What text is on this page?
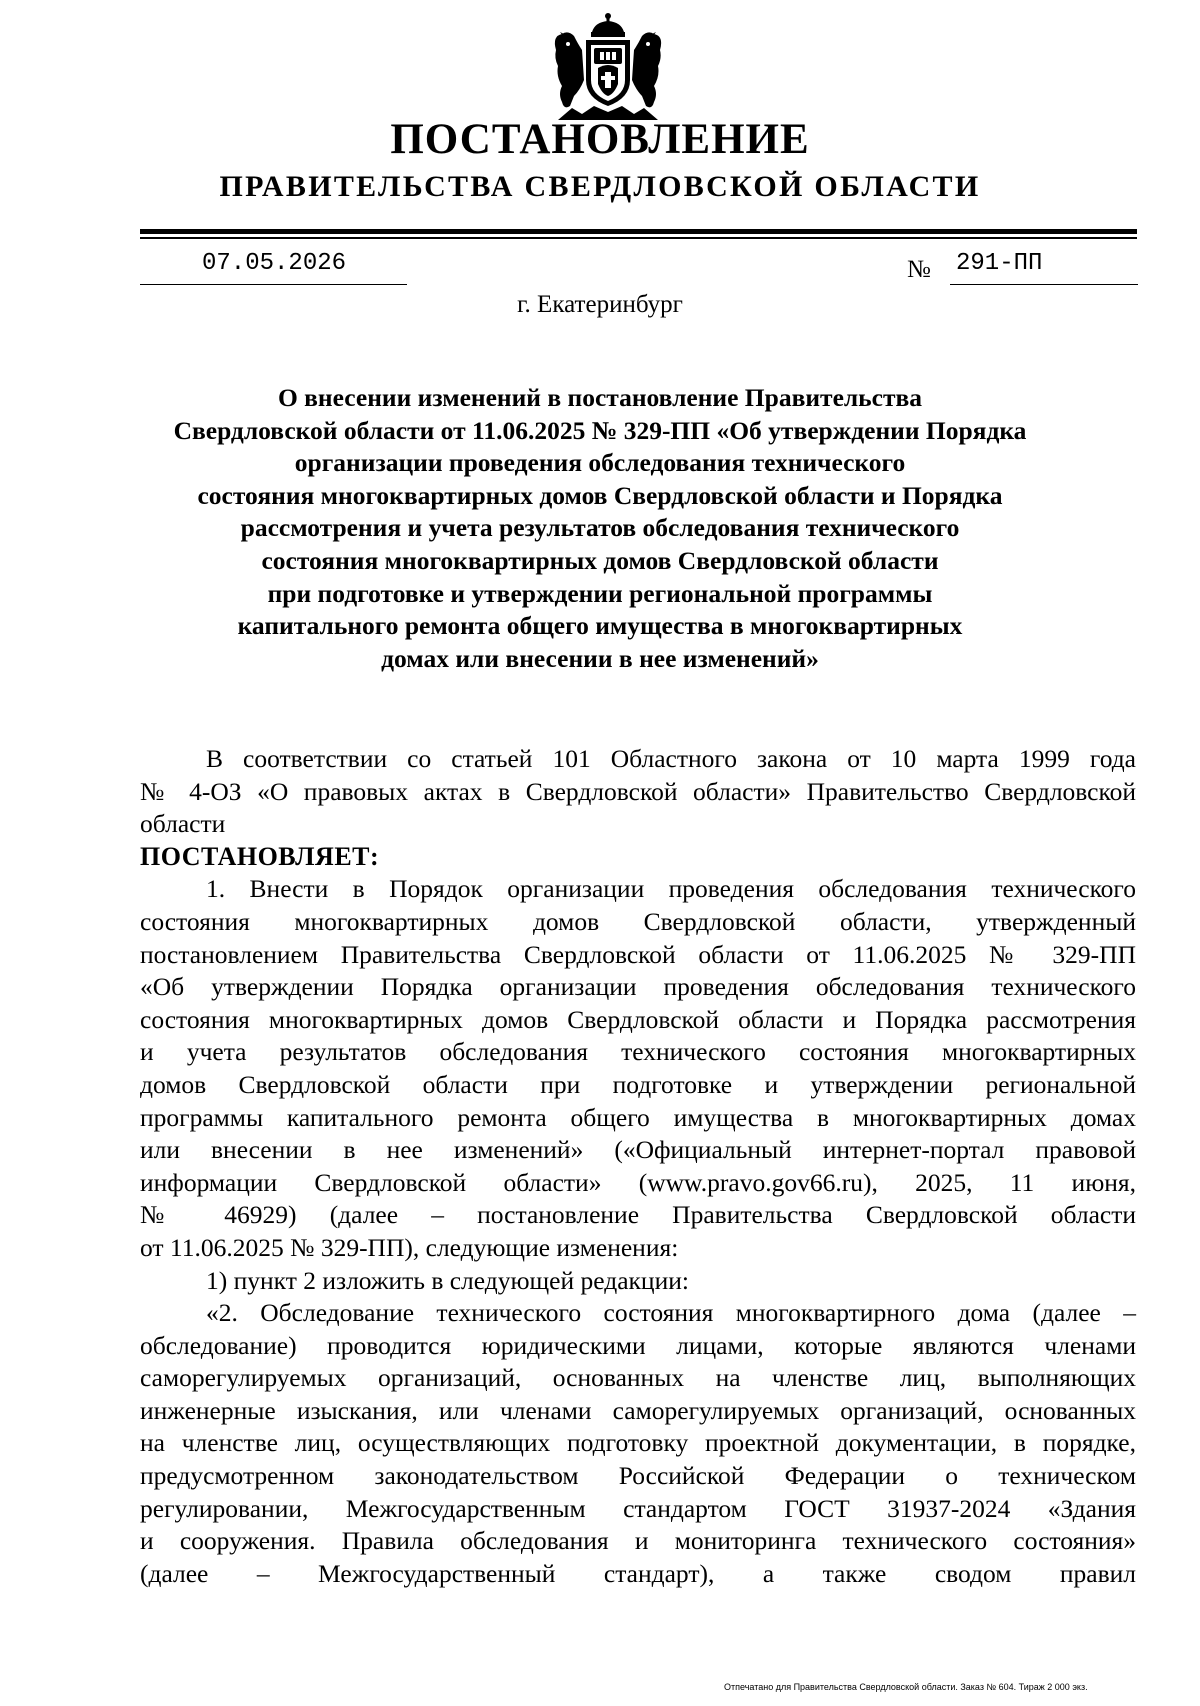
ПОСТАНОВЛЕНИЕ
ПРАВИТЕЛЬСТВА СВЕРДЛОВСКОЙ ОБЛАСТИ
07.05.2026	№ 291-ПП
г. Екатеринбург
О внесении изменений в постановление Правительства
Свердловской области от 11.06.2025 № 329-ПП «Об утверждении Порядка
организации проведения обследования технического
состояния многоквартирных домов Свердловской области и Порядка
рассмотрения и учета результатов обследования технического
состояния многоквартирных домов Свердловской области
при подготовке и утверждении региональной программы
капитального ремонта общего имущества в многоквартирных
домах или внесении в нее изменений»
В соответствии со статьей 101 Областного закона от 10 марта 1999 года
№ 4-ОЗ «О правовых актах в Свердловской области» Правительство Свердловской
области
ПОСТАНОВЛЯЕТ:
1. Внести в Порядок организации проведения обследования технического
состояния многоквартирных домов Свердловской области, утвержденный
постановлением Правительства Свердловской области от 11.06.2025 № 329-ПП
«Об утверждении Порядка организации проведения обследования технического
состояния многоквартирных домов Свердловской области и Порядка рассмотрения
и учета результатов обследования технического состояния многоквартирных
домов Свердловской области при подготовке и утверждении региональной
программы капитального ремонта общего имущества в многоквартирных домах
или внесении в нее изменений» («Официальный интернет-портал правовой
информации Свердловской области» (www.pravo.gov66.ru), 2025, 11 июня,
№ 46929) (далее – постановление Правительства Свердловской области
от 11.06.2025 № 329-ПП), следующие изменения:
1) пункт 2 изложить в следующей редакции:
«2. Обследование технического состояния многоквартирного дома (далее –
обследование) проводится юридическими лицами, которые являются членами
саморегулируемых организаций, основанных на членстве лиц, выполняющих
инженерные изыскания, или членами саморегулируемых организаций, основанных
на членстве лиц, осуществляющих подготовку проектной документации, в порядке,
предусмотренном законодательством Российской Федерации о техническом
регулировании, Межгосударственным стандартом ГОСТ 31937-2024 «Здания
и сооружения. Правила обследования и мониторинга технического состояния»
(далее – Межгосударственный стандарт), а также сводом правил
Отпечатано для Правительства Свердловской области. Заказ № 604. Тираж 2 000 экз.
